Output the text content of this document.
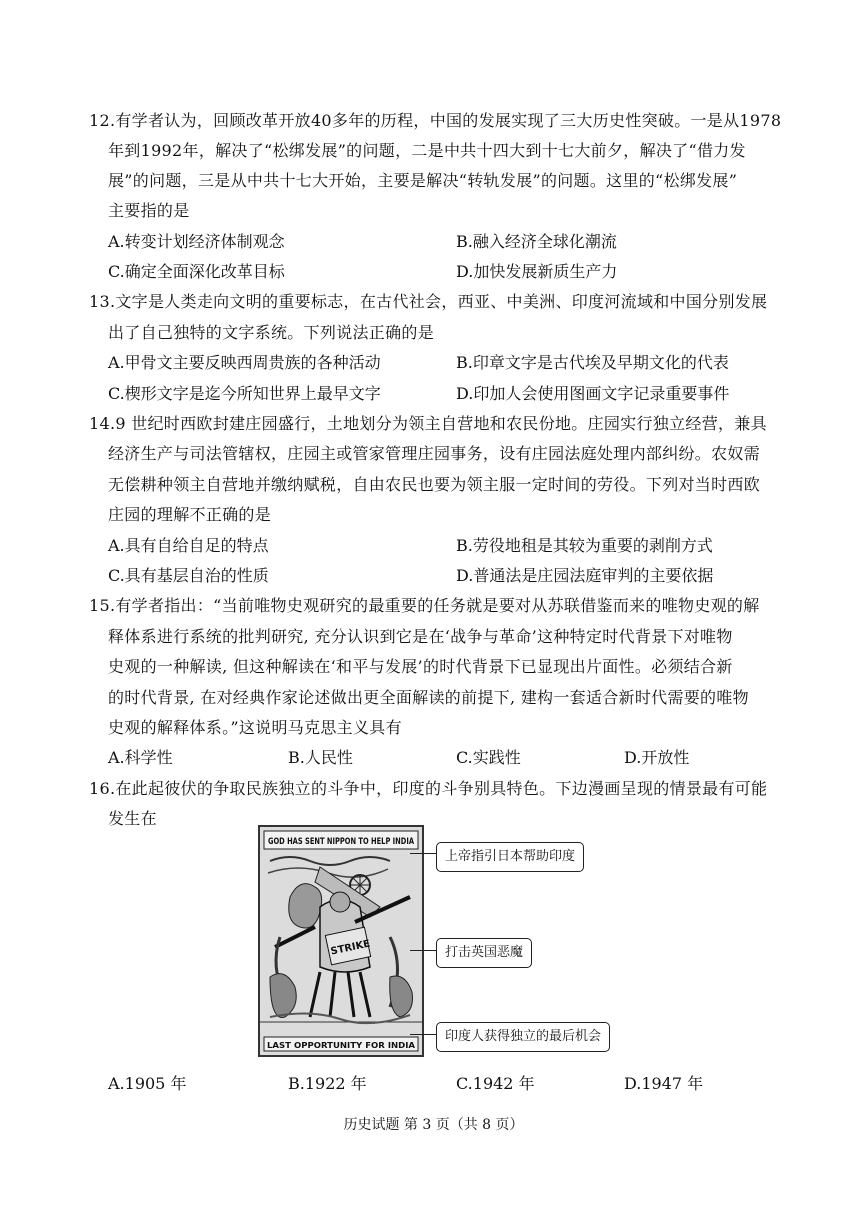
12.有学者认为，回顾改革开放40多年的历程，中国的发展实现了三大历史性突破。一是从1978
年到1992年，解决了“松绑发展”的问题，二是中共十四大到十七大前夕，解决了“借力发
展”的问题，三是从中共十七大开始，主要是解决“转轨发展”的问题。这里的“松绑发展”
主要指的是
A.转变计划经济体制观念	B.融入经济全球化潮流
C.确定全面深化改革目标	D.加快发展新质生产力
13.文字是人类走向文明的重要标志，在古代社会，西亚、中美洲、印度河流域和中国分别发展
出了自己独特的文字系统。下列说法正确的是
A.甲骨文主要反映西周贵族的各种活动	B.印章文字是古代埃及早期文化的代表
C.楔形文字是迄今所知世界上最早文字	D.印加人会使用图画文字记录重要事件
14.9 世纪时西欧封建庄园盛行，土地划分为领主自营地和农民份地。庄园实行独立经营，兼具
经济生产与司法管辖权，庄园主或管家管理庄园事务，设有庄园法庭处理内部纠纷。农奴需
无偿耕种领主自营地并缴纳赋税，自由农民也要为领主服一定时间的劳役。下列对当时西欧
庄园的理解不正确的是
A.具有自给自足的特点	B.劳役地租是其较为重要的剥削方式
C.具有基层自治的性质	D.普通法是庄园法庭审判的主要依据
15.有学者指出：“当前唯物史观研究的最重要的任务就是要对从苏联借鉴而来的唯物史观的解
释体系进行系统的批判研究, 充分认识到它是在‘战争与革命’这种特定时代背景下对唯物
史观的一种解读, 但这种解读在‘和平与发展’的时代背景下已显现出片面性。必须结合新
的时代背景, 在对经典作家论述做出更全面解读的前提下, 建构一套适合新时代需要的唯物
史观的解释体系。”这说明马克思主义具有
A.科学性	B.人民性	C.实践性	D.开放性
16.在此起彼伏的争取民族独立的斗争中，印度的斗争别具特色。下边漫画呈现的情景最有可能
发生在
GOD HAS SENT NIPPON TO HELP INDIA
STRIKE
LAST OPPORTUNITY FOR INDIA
上帝指引日本帮助印度
打击英国恶魔
印度人获得独立的最后机会
A.1905 年	B.1922 年	C.1942 年	D.1947 年
历史试题 第 3 页（共 8 页）
